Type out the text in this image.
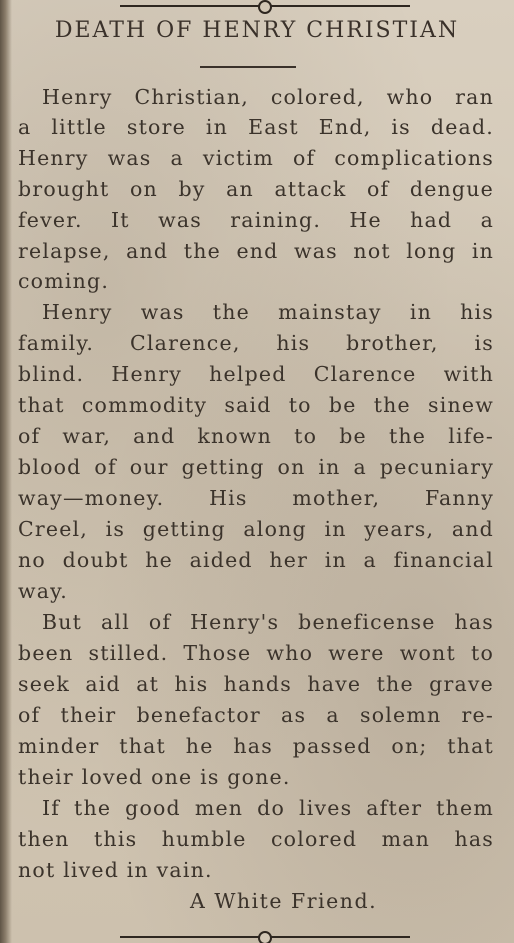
DEATH OF HENRY CHRISTIAN
Henry Christian, colored, who ran
a little store in East End, is dead.
Henry was a victim of complications
brought on by an attack of dengue
fever. It was raining. He had a
relapse, and the end was not long in
coming.
Henry was the mainstay in his
family. Clarence, his brother, is
blind. Henry helped Clarence with
that commodity said to be the sinew
of war, and known to be the life-
blood of our getting on in a pecuniary
way—money. His mother, Fanny
Creel, is getting along in years, and
no doubt he aided her in a financial
way.
But all of Henry's beneficense has
been stilled. Those who were wont to
seek aid at his hands have the grave
of their benefactor as a solemn re-
minder that he has passed on; that
their loved one is gone.
If the good men do lives after them
then this humble colored man has
not lived in vain.
A White Friend.
